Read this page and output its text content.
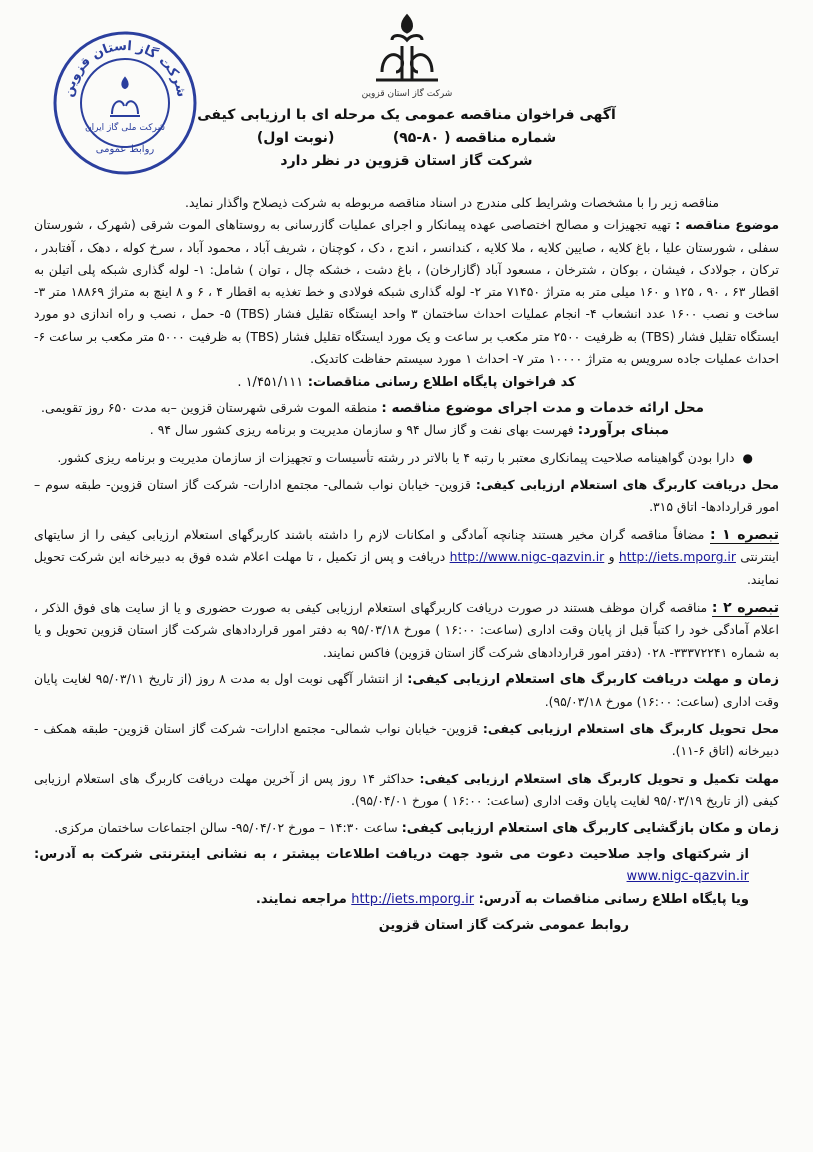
شرکت گاز استان قزوین
شرکت گاز استان قزوین
شرکت ملی گاز ایران
روابط عمومی
آگهی فراخوان مناقصه عمومی یک مرحله ای با ارزیابی کیفی
شماره مناقصه ( ۸۰-۹۵)            (نوبت اول)
شرکت گاز استان قزوین در نظر دارد

مناقصه زیر را با مشخصات وشرایط کلی مندرج در اسناد مناقصه مربوطه به شرکت ذیصلاح واگذار نماید.

موضوع مناقصه : تهیه تجهیزات و مصالح اختصاصی عهده پیمانکار و اجرای عملیات گازرسانی به روستاهای الموت شرقی (شهرک ، شورستان سفلی ، شورستان علیا ، باغ کلایه ، صایین کلایه ، ملا کلایه ، کندانسر ، اندج ، دک ، کوچنان ، شریف آباد ، محمود آباد ، سرخ کوله ، دهک ، آفتابدر ، ترکان ، جولادک ، فیشان ، بوکان ، شترخان ، مسعود آباد (گازارخان) ، باغ دشت ، خشکه چال ، توان ) شامل: ۱- لوله گذاری شبکه پلی اتیلن به اقطار ۶۳ ، ۹۰ ، ۱۲۵ و ۱۶۰ میلی متر به متراژ ۷۱۴۵۰ متر ۲- لوله گذاری شبکه فولادی و خط تغذیه به اقطار ۴ ، ۶ و ۸ اینچ به متراژ ۱۸۸۶۹ متر ۳- ساخت و نصب ۱۶۰۰ عدد انشعاب ۴- انجام عملیات احداث ساختمان ۳ واحد ایستگاه تقلیل فشار (TBS) ۵- حمل ، نصب و راه اندازی دو مورد ایستگاه تقلیل فشار (TBS) به ظرفیت ۲۵۰۰ متر مکعب بر ساعت و یک مورد ایستگاه تقلیل فشار (TBS) به ظرفیت ۵۰۰۰ متر مکعب بر ساعت ۶- احداث عملیات جاده سرویس به متراژ ۱۰۰۰۰ متر ۷- احداث ۱ مورد سیستم حفاظت کاتدیک.

کد فراخوان پایگاه اطلاع رسانی مناقصات: ۱/۴۵۱/۱۱۱ .

محل ارائه خدمات و مدت اجرای موضوع مناقصه : منطقه الموت شرقی شهرستان قزوین –به مدت ۶۵۰ روز تقویمی.

مبنای برآورد: فهرست بهای نفت و گاز سال ۹۴ و سازمان مدیریت و برنامه ریزی کشور سال ۹۴ .

●
دارا بودن گواهینامه صلاحیت پیمانکاری معتبر با رتبه ۴ یا بالاتر در رشته تأسیسات و تجهیزات از سازمان مدیریت و برنامه ریزی کشور.

محل دریافت کاربرگ های استعلام ارزیابی کیفی: قزوین- خیابان نواب شمالی- مجتمع ادارات- شرکت گاز استان قزوین- طبقه سوم – امور قراردادها- اتاق ۳۱۵.

تبصره ۱ : مضافاً مناقصه گران مخیر هستند چنانچه آمادگی و امکانات لازم را داشته باشند کاربرگهای استعلام ارزیابی کیفی را از سایتهای اینترنتی http://iets.mporg.ir و http://www.nigc-qazvin.ir دریافت و پس از تکمیل ، تا مهلت اعلام شده فوق به دبیرخانه این شرکت تحویل نمایند.

تبصره ۲ : مناقصه گران موظف هستند در صورت دریافت کاربرگهای استعلام ارزیابی کیفی به صورت حضوری و یا از سایت های فوق الذکر ، اعلام آمادگی خود را کتباً قبل از پایان وقت اداری (ساعت: ۱۶:۰۰ ) مورخ ۹۵/۰۳/۱۸ به دفتر امور قراردادهای شرکت گاز استان قزوین تحویل و یا به شماره ۳۳۳۷۲۲۴۱- ۰۲۸ (دفتر امور قراردادهای شرکت گاز استان قزوین) فاکس نمایند.

زمان و مهلت دریافت کاربرگ های استعلام ارزیابی کیفی: از انتشار آگهی نوبت اول به مدت ۸ روز (از تاریخ ۹۵/۰۳/۱۱ لغایت پایان وقت اداری (ساعت: ۱۶:۰۰) مورخ ۹۵/۰۳/۱۸).

محل تحویل کاربرگ های استعلام ارزیابی کیفی: قزوین- خیابان نواب شمالی- مجتمع ادارات- شرکت گاز استان قزوین- طبقه همکف - دبیرخانه (اتاق ۶-۱۱).

مهلت تکمیل و تحویل کاربرگ های استعلام ارزیابی کیفی: حداکثر ۱۴ روز پس از آخرین مهلت دریافت کاربرگ های استعلام ارزیابی کیفی (از تاریخ ۹۵/۰۳/۱۹ لغایت پایان وقت اداری (ساعت: ۱۶:۰۰ ) مورخ ۹۵/۰۴/۰۱).

زمان و مکان بازگشایی کاربرگ های استعلام ارزیابی کیفی: ساعت ۱۴:۳۰ – مورخ ۹۵/۰۴/۰۲- سالن اجتماعات ساختمان مرکزی.

از شرکتهای واجد صلاحیت دعوت می شود جهت دریافت اطلاعات بیشتر ، به نشانی اینترنتی شرکت به آدرس: www.nigc-qazvin.ir

ویا پایگاه اطلاع رسانی مناقصات به آدرس: http://iets.mporg.ir مراجعه نمایند.

روابط عمومی شرکت گاز استان قزوین
